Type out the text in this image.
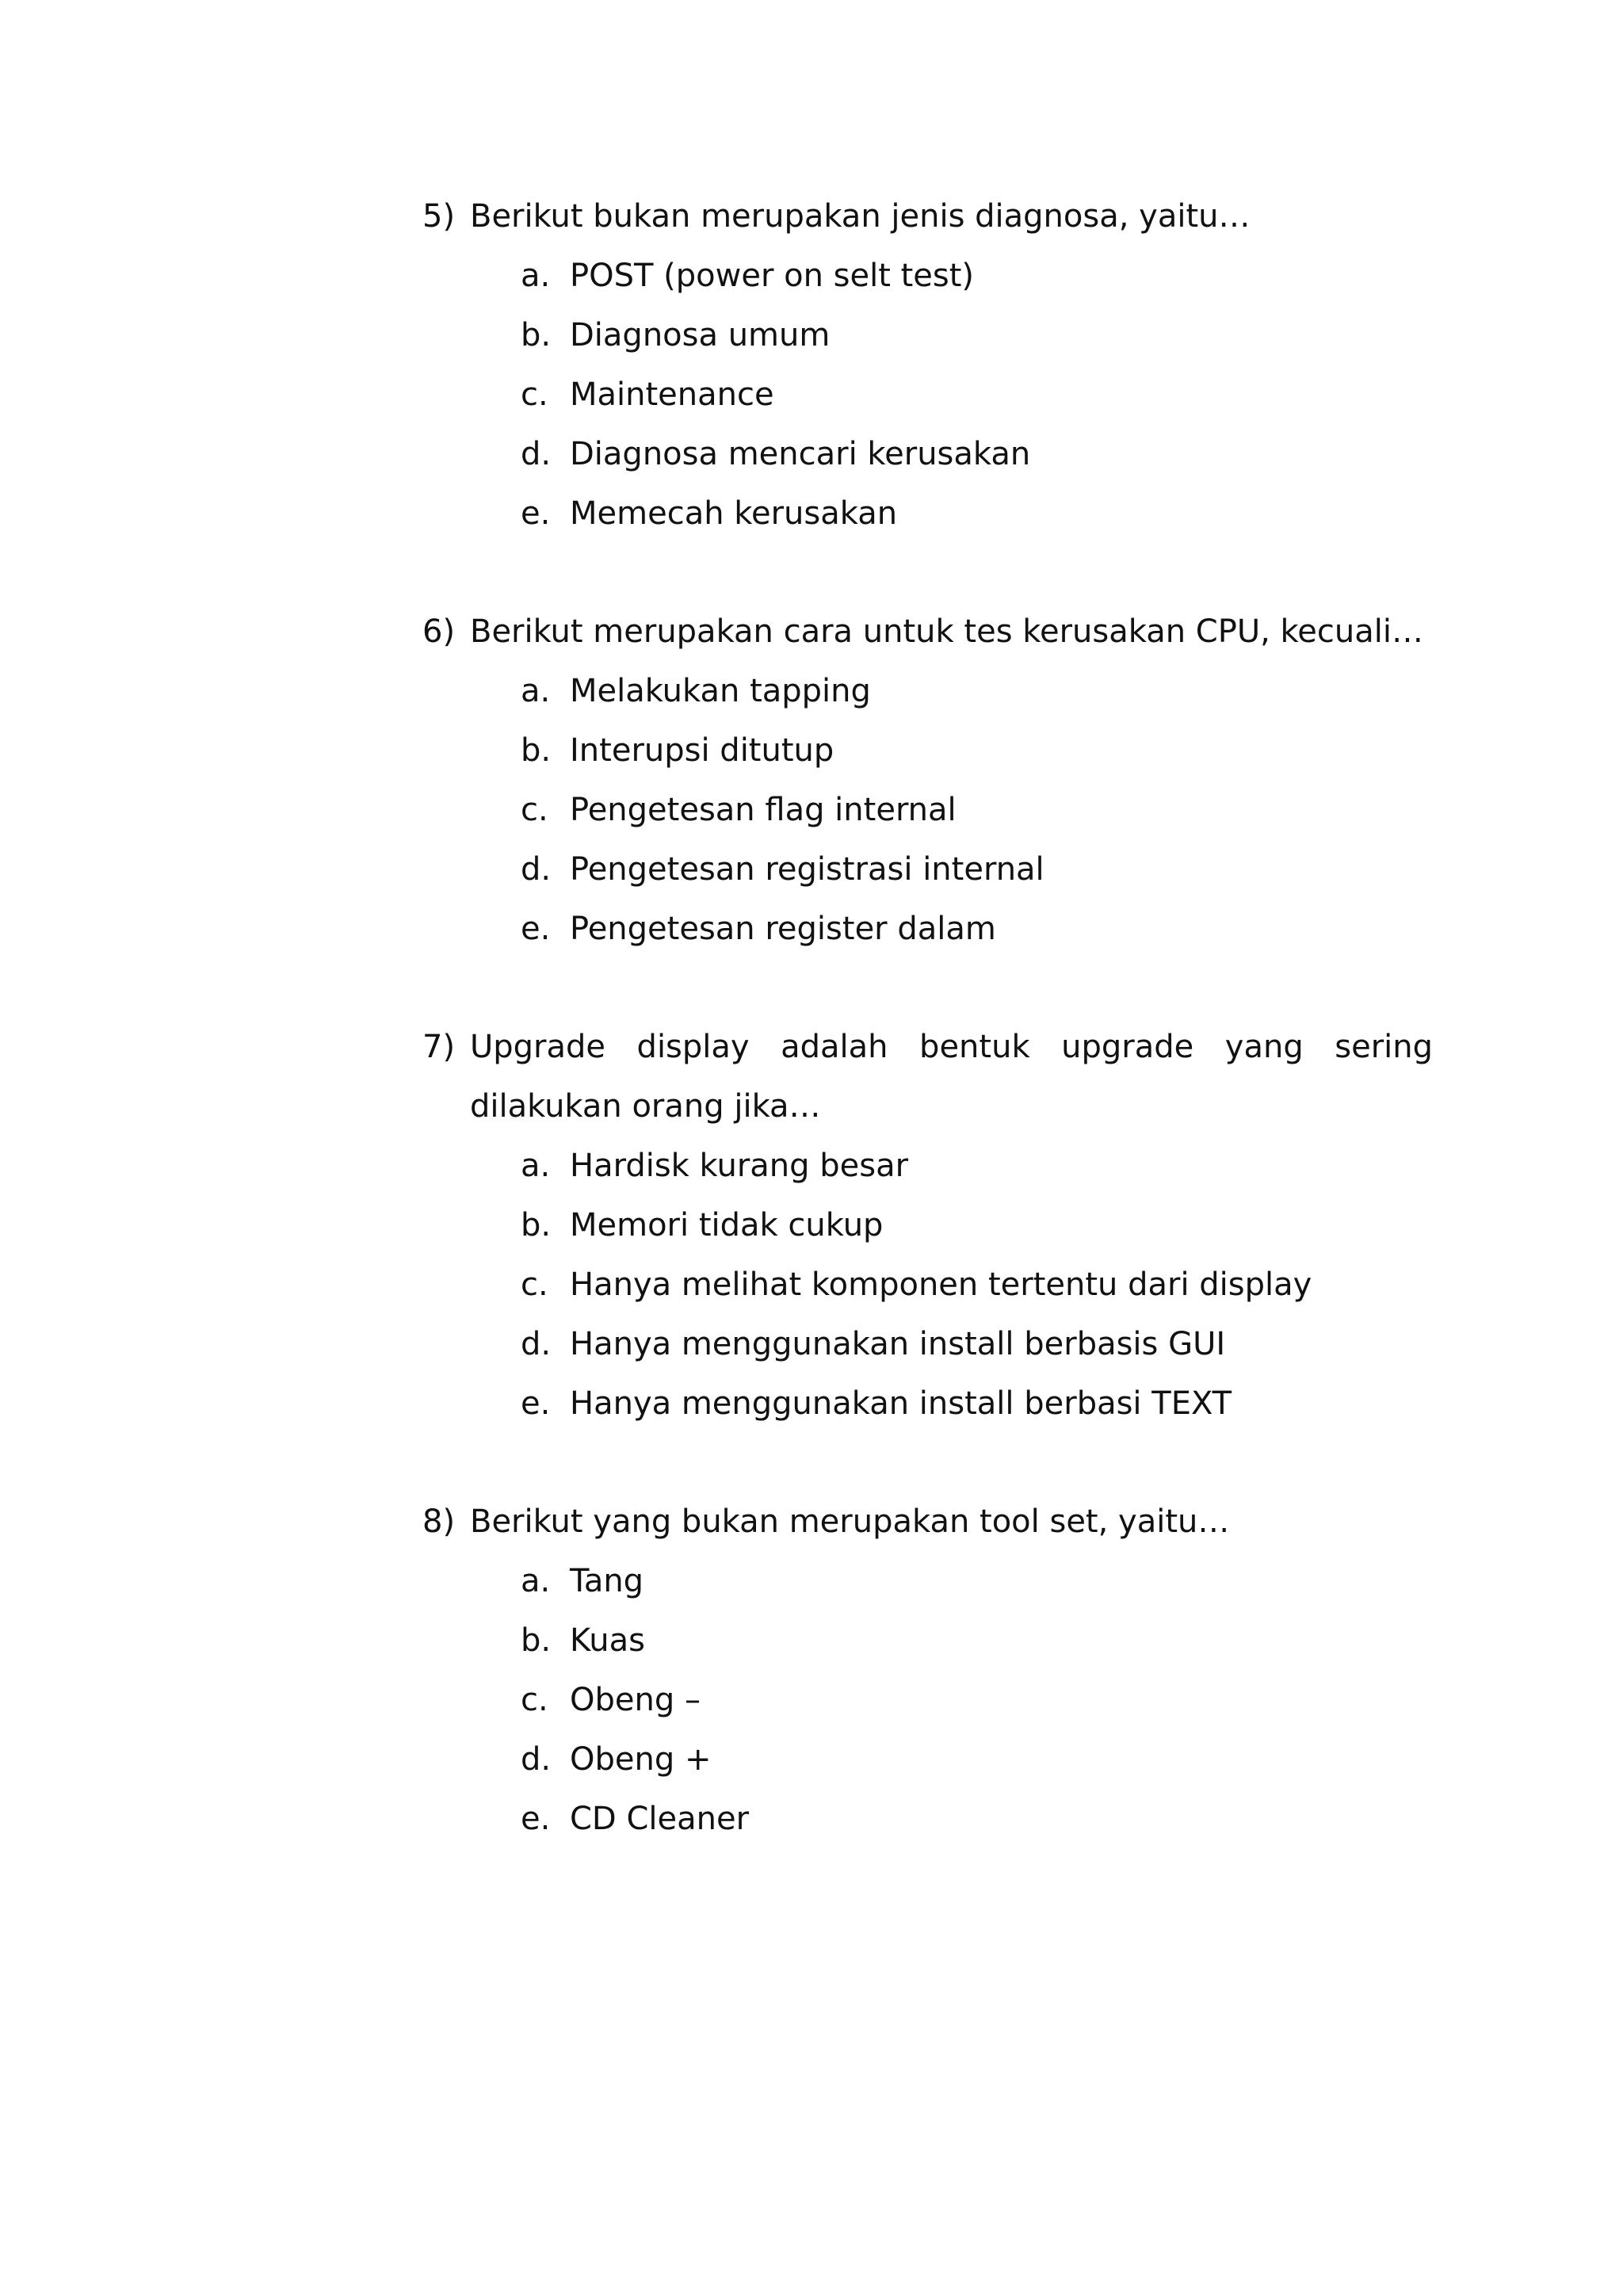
5) Berikut bukan merupakan jenis diagnosa, yaitu…
a. POST (power on selt test)
b. Diagnosa umum
c. Maintenance
d. Diagnosa mencari kerusakan
e. Memecah kerusakan
6) Berikut merupakan cara untuk tes kerusakan CPU, kecuali…
a. Melakukan tapping
b. Interupsi ditutup
c. Pengetesan flag internal
d. Pengetesan registrasi internal
e. Pengetesan register dalam
7) Upgrade display adalah bentuk upgrade yang sering dilakukan orang jika…
a. Hardisk kurang besar
b. Memori tidak cukup
c. Hanya melihat komponen tertentu dari display
d. Hanya menggunakan install berbasis GUI
e. Hanya menggunakan install berbasi TEXT
8) Berikut yang bukan merupakan tool set, yaitu…
a. Tang
b. Kuas
c. Obeng –
d. Obeng +
e. CD Cleaner
